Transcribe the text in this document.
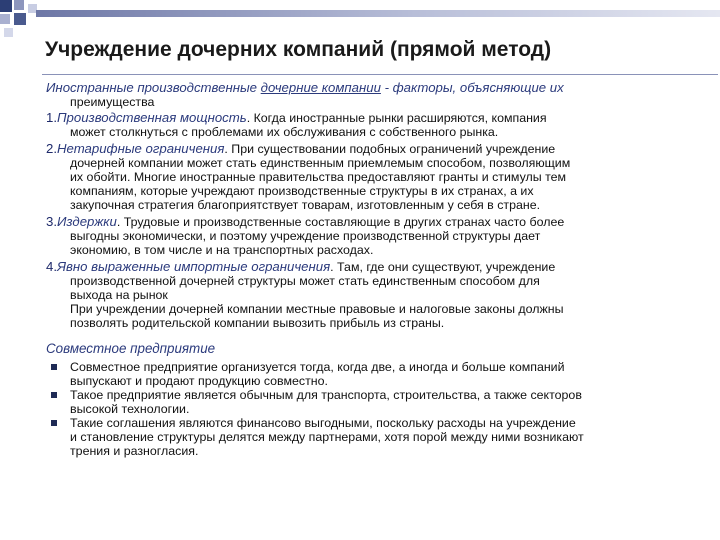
Учреждение дочерних компаний (прямой метод)

Иностранные производственные дочерние компании - факторы, объясняющие их

преимущества

1.Производственная мощность. Когда иностранные рынки расширяются, компания

может столкнуться с проблемами их обслуживания с собственного рынка.

2.Нетарифные ограничения. При существовании подобных ограничений учреждение

дочерней компании может стать единственным приемлемым способом, позволяющим

их обойти. Многие иностранные правительства предоставляют гранты и стимулы тем

компаниям, которые учреждают производственные структуры в их странах, а их

закупочная стратегия благоприятствует товарам, изготовленным у себя в стране.

3.Издержки. Трудовые и производственные составляющие в других странах часто более

выгодны экономически, и поэтому учреждение производственной структуры дает

экономию, в том числе и на транспортных расходах.

4.Явно выраженные импортные ограничения. Там, где они существуют, учреждение

производственной дочерней структуры может стать единственным способом для

выхода на рынок

При учреждении дочерней компании местные правовые и налоговые законы должны

позволять родительской компании вывозить прибыль из страны.

Совместное предприятие

Совместное предприятие организуется тогда, когда две, а иногда и больше компаний
выпускают и продают продукцию совместно.
Такое предприятие является обычным для транспорта, строительства, а также секторов
высокой технологии.
Такие соглашения являются финансово выгодными, поскольку расходы на учреждение
и становление структуры делятся между партнерами, хотя порой между ними возникают
трения и разногласия.
